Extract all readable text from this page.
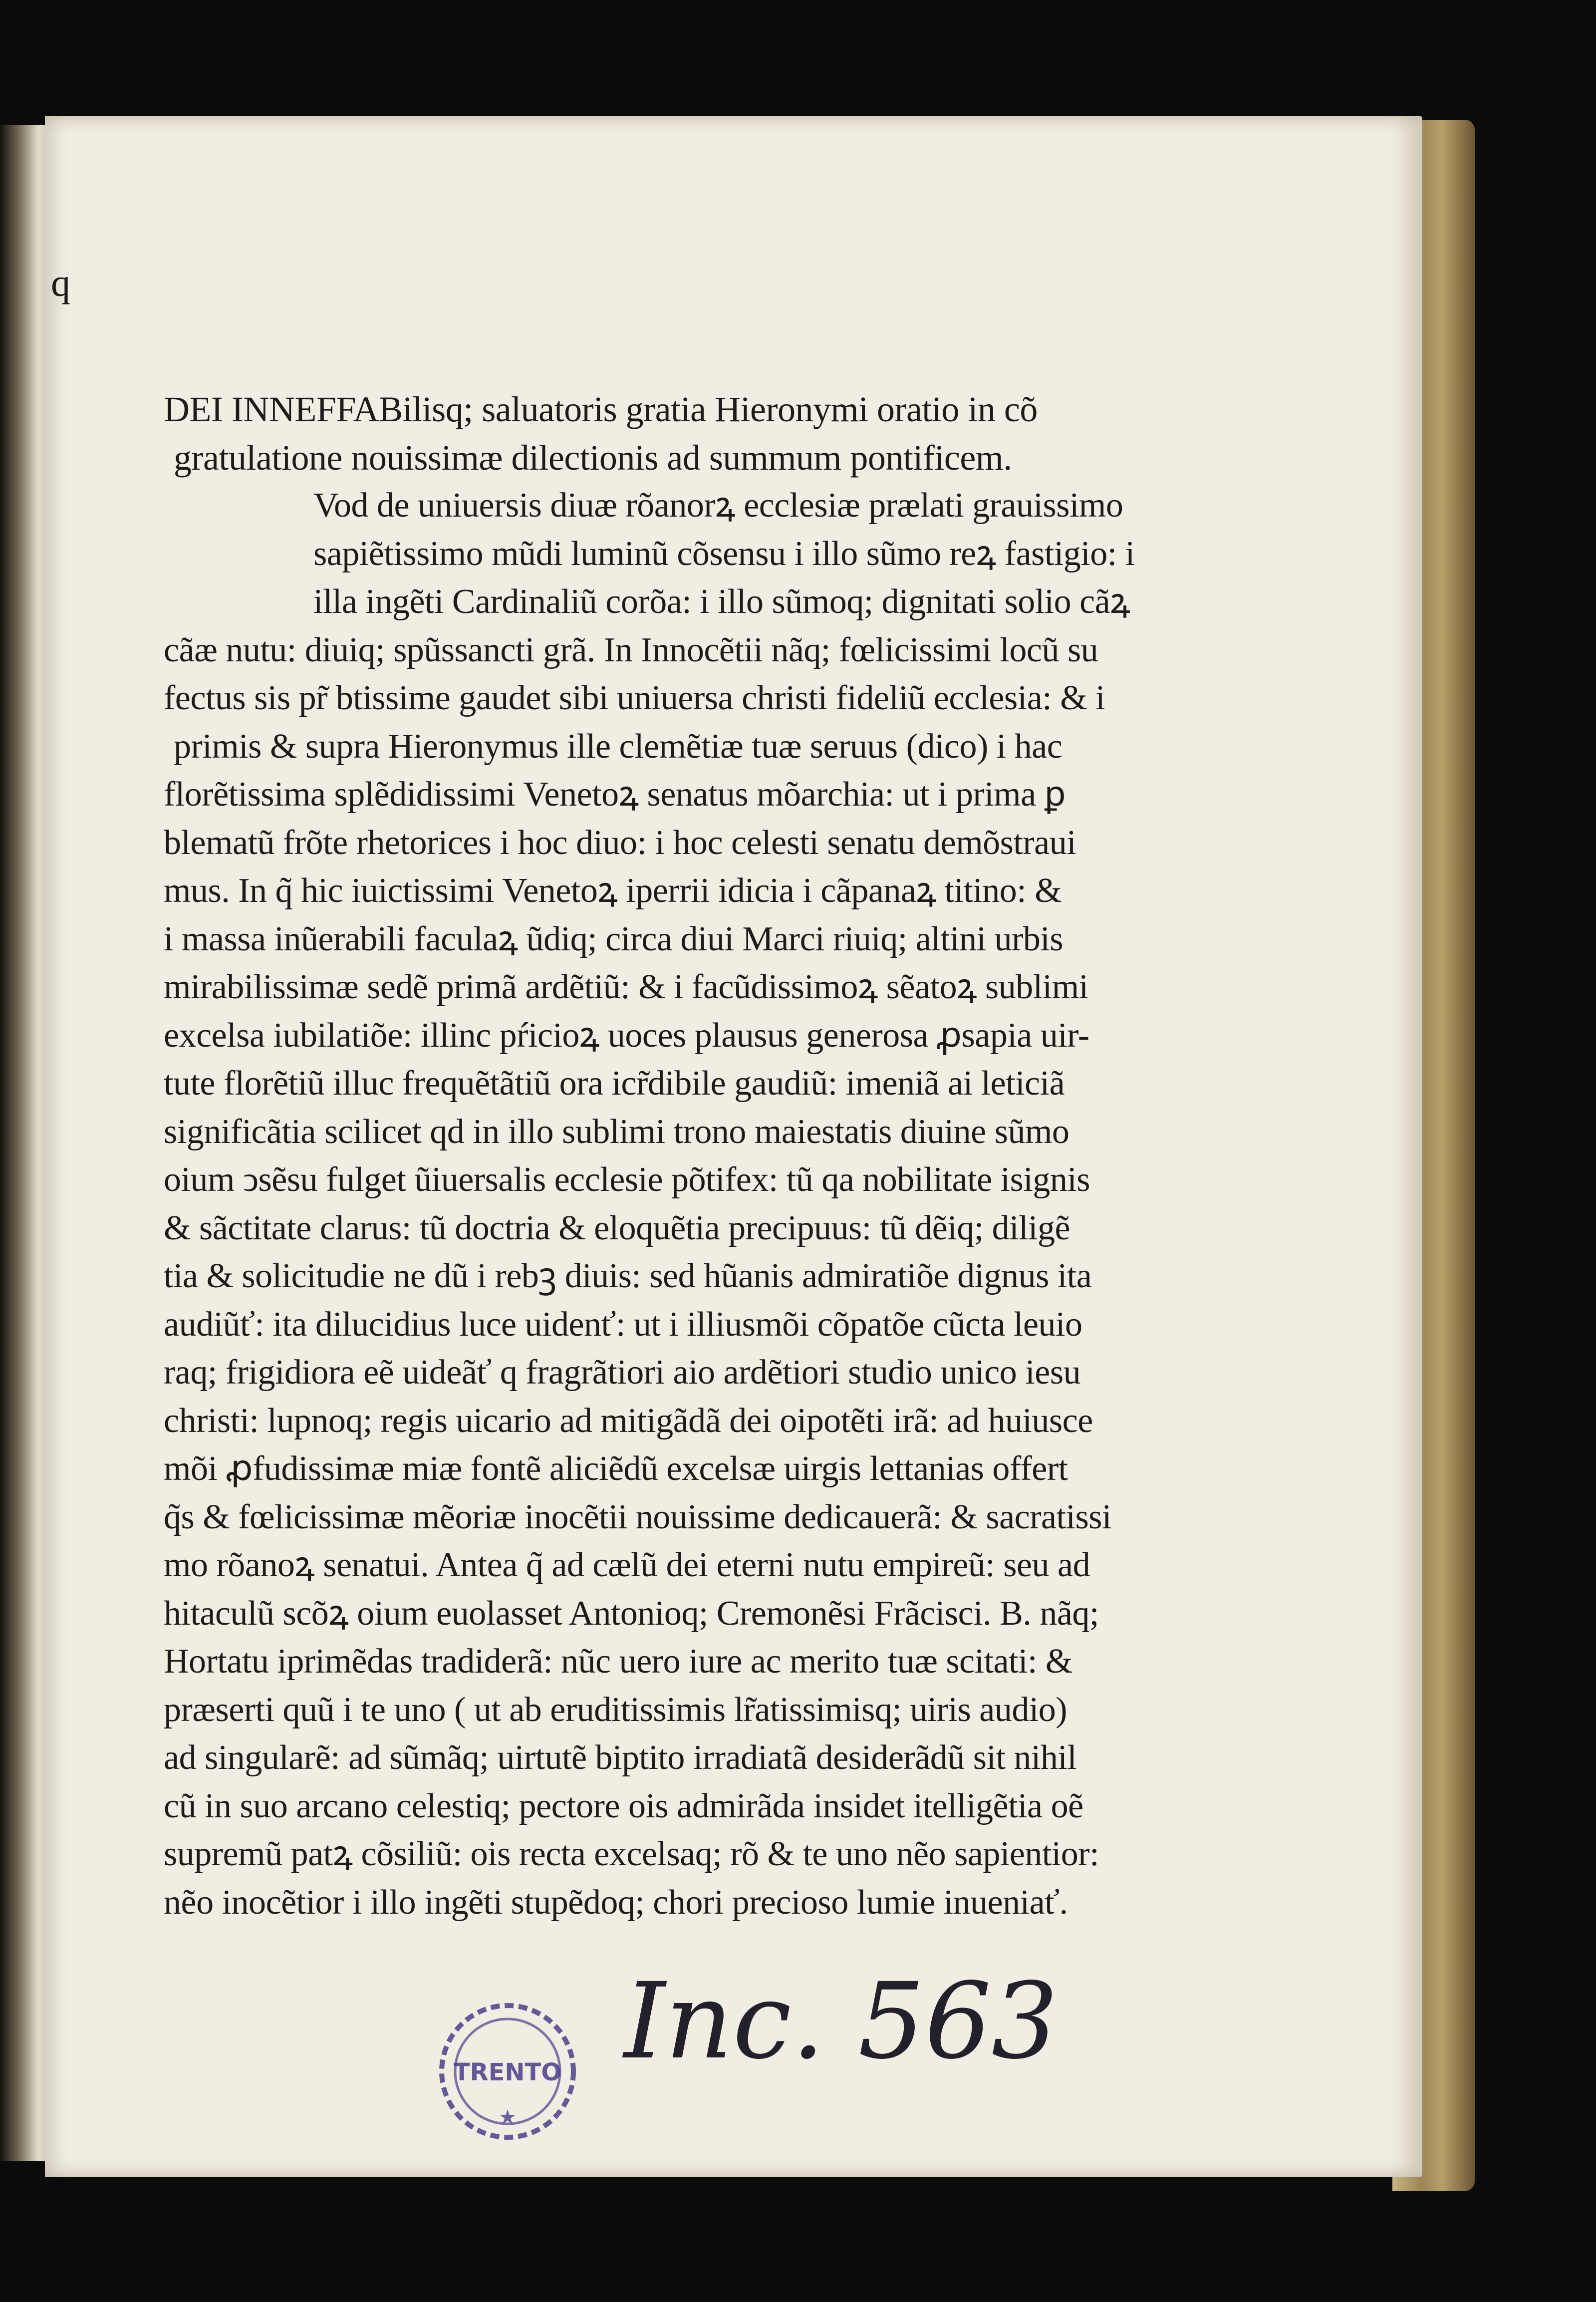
q
DEI INNEFFABilisq; saluatoris gratia Hieronymi oratio in cõ
gratulatione nouissimæ dilectionis ad summum pontificem.
Vod de uniuersis diuæ rõanorꝝ ecclesiæ prælati grauissimo
sapiẽtissimo mũdi luminũ cõsensu i illo sũmo reꝝ fastigio: i
illa ingẽti Cardinaliũ corõa: i illo sũmoq; dignitati solio cãꝝ
cãæ nutu: diuiq; spũssancti grã. In Innocẽtii nãq; fœlicissimi locũ su
fectus sis pr̃ btissime gaudet sibi uniuersa christi fideliũ ecclesia: & i
primis & supra Hieronymus ille clemẽtiæ tuæ seruus (dico) i hac
florẽtissima splẽdidissimi Venetoꝝ senatus mõarchia: ut i prima ꝑ
blematũ frõte rhetorices i hoc diuo: i hoc celesti senatu demõstraui
mus. In q̃ hic iuictissimi Venetoꝝ iperrii idicia i cãpanaꝝ titino: &
i massa inũerabili faculaꝝ ũdiq; circa diui Marci riuiq; altini urbis
mirabilissimæ sedẽ primã ardẽtiũ: & i facũdissimoꝝ sẽatoꝝ sublimi
excelsa iubilatiõe: illinc pŕicioꝝ uoces plausus generosa ꝓsapia uir-
tute florẽtiũ illuc frequẽtãtiũ ora icr̃dibile gaudiũ: imeniã ai leticiã
significãtia scilicet qd in illo sublimi trono maiestatis diuine sũmo
oium ↄsẽsu fulget ũiuersalis ecclesie põtifex: tũ qa nobilitate isignis
& sãctitate clarus: tũ doctria & eloquẽtia precipuus: tũ dẽiq; diligẽ
tia & solicitudie ne dũ i rebꝫ diuis: sed hũanis admiratiõe dignus ita
audiũť: ita dilucidius luce uidenť: ut i illiusmõi cõpatõe cũcta leuio
raq; frigidiora eẽ uideãť q fragrãtiori aio ardẽtiori studio unico iesu
christi: lupnoq; regis uicario ad mitigãdã dei oipotẽti irã: ad huiusce
mõi ꝓfudissimæ miæ fontẽ aliciẽdũ excelsæ uirgis lettanias offert
q̃s & fœlicissimæ mẽoriæ inocẽtii nouissime dedicauerã: & sacratissi
mo rõanoꝝ senatui. Antea q̃ ad cælũ dei eterni nutu empireũ: seu ad
hitaculũ scõꝝ oium euolasset Antonioq; Cremonẽsi Frãcisci. B. nãq;
Hortatu iprimẽdas tradiderã: nũc uero iure ac merito tuæ scitati: &
præserti quũ i te uno ( ut ab eruditissimis lr̃atissimisq; uiris audio)
ad singularẽ: ad sũmãq; uirtutẽ biptito irradiatã desiderãdũ sit nihil
cũ in suo arcano celestiq; pectore ois admirãda insidet itelligẽtia oẽ
supremũ patꝝ cõsiliũ: ois recta excelsaq; rõ & te uno nẽo sapientior:
nẽo inocẽtior i illo ingẽti stupẽdoq; chori precioso lumie inueniať.
TRENTO
★
Inc. 563
